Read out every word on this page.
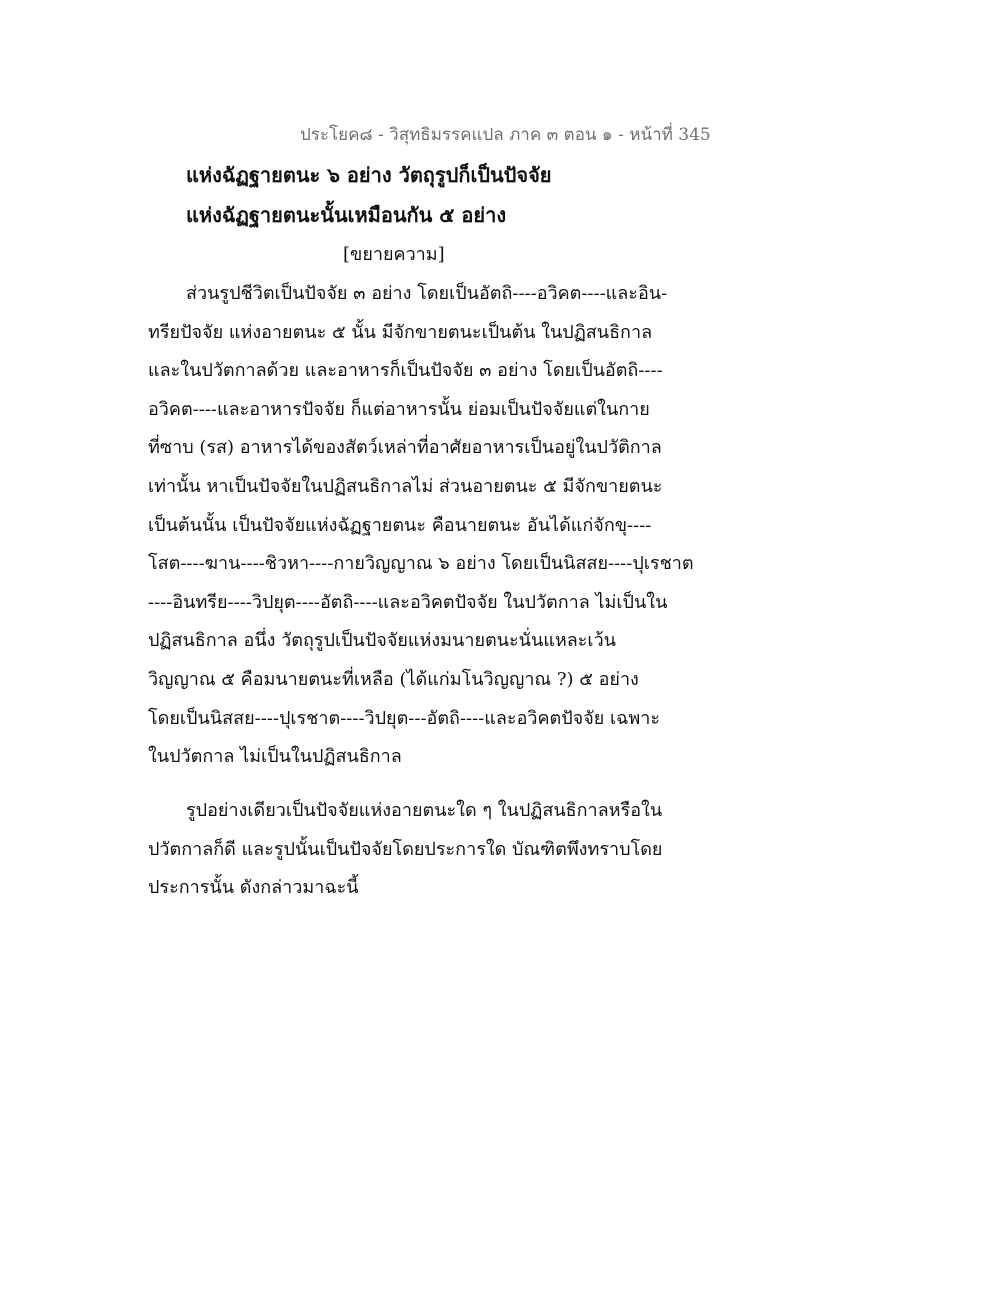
ประโยค๘ - วิสุทธิมรรคแปล ภาค ๓ ตอน ๑ - หน้าที่ 345
แห่งฉัฏฐายตนะ ๖ อย่าง วัตถุรูปก็เป็นปัจจัย
แห่งฉัฏฐายตนะนั้นเหมือนกัน ๕ อย่าง
[ขยายความ]
ส่วนรูปชีวิตเป็นปัจจัย ๓ อย่าง โดยเป็นอัตถิ----อวิคต----และอิน-
ทรียปัจจัย แห่งอายตนะ ๕ นั้น มีจักขายตนะเป็นต้น ในปฏิสนธิกาล
และในปวัตกาลด้วย และอาหารก็เป็นปัจจัย ๓ อย่าง โดยเป็นอัตถิ----
อวิคต----และอาหารปัจจัย ก็แต่อาหารนั้น ย่อมเป็นปัจจัยแต่ในกาย
ที่ซาบ (รส) อาหารได้ของสัตว์เหล่าที่อาศัยอาหารเป็นอยู่ในปวัติกาล
เท่านั้น หาเป็นปัจจัยในปฏิสนธิกาลไม่ ส่วนอายตนะ ๕ มีจักขายตนะ
เป็นต้นนั้น เป็นปัจจัยแห่งฉัฏฐายตนะ คือนายตนะ อันได้แก่จักขุ----
โสต----ฆาน----ชิวหา----กายวิญญาณ ๖ อย่าง โดยเป็นนิสสย----ปุเรชาต
----อินทรีย----วิปยุต----อัตถิ----และอวิคตปัจจัย ในปวัตกาล ไม่เป็นใน
ปฏิสนธิกาล อนึ่ง วัตถุรูปเป็นปัจจัยแห่งมนายตนะนั่นแหละเว้น
วิญญาณ ๕ คือมนายตนะที่เหลือ (ได้แก่มโนวิญญาณ ?) ๕ อย่าง
โดยเป็นนิสสย----ปุเรชาต----วิปยุต---อัตถิ----และอวิคตปัจจัย เฉพาะ
ในปวัตกาล ไม่เป็นในปฏิสนธิกาล
รูปอย่างเดียวเป็นปัจจัยแห่งอายตนะใด ๆ ในปฏิสนธิกาลหรือใน
ปวัตกาลก็ดี และรูปนั้นเป็นปัจจัยโดยประการใด บัณฑิตพึงทราบโดย
ประการนั้น ดังกล่าวมาฉะนี้
